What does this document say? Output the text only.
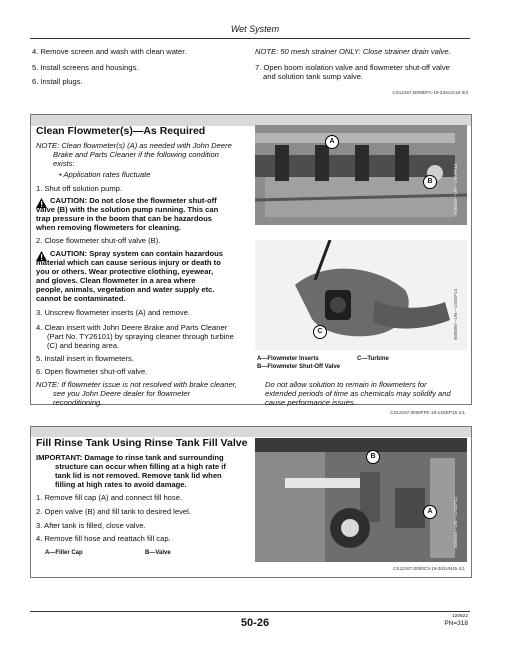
Wet System
4. Remove screen and wash with clean water.
5. Install screens and housings.
6. Install plugs.
NOTE: 50 mesh strainer ONLY: Close strainer drain valve.
7. Open boom isolation valve and flowmeter shut-off valve
and solution tank sump valve.
CS12167,0000EFA-19-23AUG15-3/3
Clean Flowmeter(s)—As Required
NOTE: Clean flowmeter(s) (A) as needed with John Deere
Brake and Parts Cleaner if the following condition
exists:
• Application rates fluctuate
1. Shut off solution pump.
CAUTION: Do not close the flowmeter shut-off
valve (B) with the solution pump running. This can
trap pressure in the boom that can be hazardous
when removing flowmeters for cleaning.
2. Close flowmeter shut-off valve (B).
CAUTION: Spray system can contain hazardous
material which can cause serious injury or death to
you or others. Wear protective clothing, eyewear,
and gloves. Clean flowmeter in a area where
people, animals, vegetation and water supply etc.
cannot be contaminated.
3. Unscrew flowmeter inserts (A) and remove.
4. Clean insert with John Deere Brake and Parts Cleaner
(Part No. TY26101) by spraying cleaner through turbine
(C) and bearing area.
5. Install insert in flowmeters.
6. Open flowmeter shut-off valve.
NOTE: If flowmeter issue is not resolved with brake cleaner,
see you John Deere dealer for flowmeter
reconditioning.
N86889—UN—29APR15
A
B
N86890—UN—14SEP14
C
A—Flowmeter Inserts	C—Turbine
B—Flowmeter Shut-Off Valve
Do not allow solution to remain in flowmeters for
extended periods of time as chemicals may solidify and
cause performance issues.
CS12167,0000FFE-19-14SEP15-1/1
Fill Rinse Tank Using Rinse Tank Fill Valve
IMPORTANT: Damage to rinse tank and surrounding
structure can occur when filling at a high rate if
tank lid is not removed. Remove tank lid when
filling at high rates to avoid damage.
1. Remove fill cap (A) and connect fill hose.
2. Open valve (B) and fill tank to desired level.
3. After tank is filled, close valve.
4. Remove fill hose and reattach fill cap.
A—Filler Cap	B—Valve
N86948—UN—17SEP12
B
A
CS12167,0000C3-19-30JUN15-1/1
50-26
120622
PN=318
